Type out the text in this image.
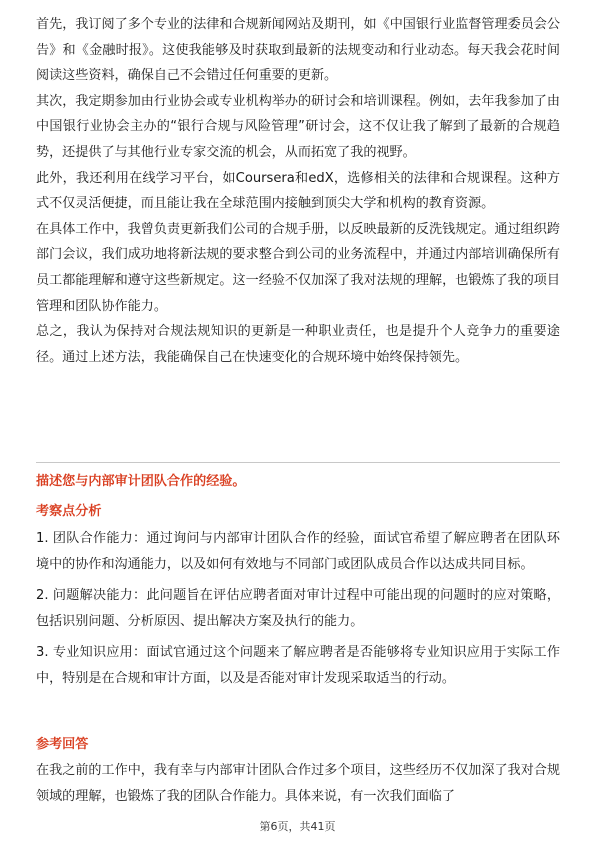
首先，我订阅了多个专业的法律和合规新闻网站及期刊，如《中国银行业监督管理委员会公告》和《金融时报》。这使我能够及时获取到最新的法规变动和行业动态。每天我会花时间阅读这些资料，确保自己不会错过任何重要的更新。

其次，我定期参加由行业协会或专业机构举办的研讨会和培训课程。例如，去年我参加了由中国银行业协会主办的“银行合规与风险管理”研讨会，这不仅让我了解到了最新的合规趋势，还提供了与其他行业专家交流的机会，从而拓宽了我的视野。

此外，我还利用在线学习平台，如Coursera和edX，选修相关的法律和合规课程。这种方式不仅灵活便捷，而且能让我在全球范围内接触到顶尖大学和机构的教育资源。

在具体工作中，我曾负责更新我们公司的合规手册，以反映最新的反洗钱规定。通过组织跨部门会议，我们成功地将新法规的要求整合到公司的业务流程中，并通过内部培训确保所有员工都能理解和遵守这些新规定。这一经验不仅加深了我对法规的理解，也锻炼了我的项目管理和团队协作能力。

总之，我认为保持对合规法规知识的更新是一种职业责任，也是提升个人竞争力的重要途径。通过上述方法，我能确保自己在快速变化的合规环境中始终保持领先。

描述您与内部审计团队合作的经验。

考察点分析

1. 团队合作能力：通过询问与内部审计团队合作的经验，面试官希望了解应聘者在团队环境中的协作和沟通能力，以及如何有效地与不同部门或团队成员合作以达成共同目标。

2. 问题解决能力：此问题旨在评估应聘者面对审计过程中可能出现的问题时的应对策略，包括识别问题、分析原因、提出解决方案及执行的能力。

3. 专业知识应用：面试官通过这个问题来了解应聘者是否能够将专业知识应用于实际工作中，特别是在合规和审计方面，以及是否能对审计发现采取适当的行动。

参考回答

在我之前的工作中，我有幸与内部审计团队合作过多个项目，这些经历不仅加深了我对合规领域的理解，也锻炼了我的团队合作能力。具体来说，有一次我们面临了

第6页，共41页
